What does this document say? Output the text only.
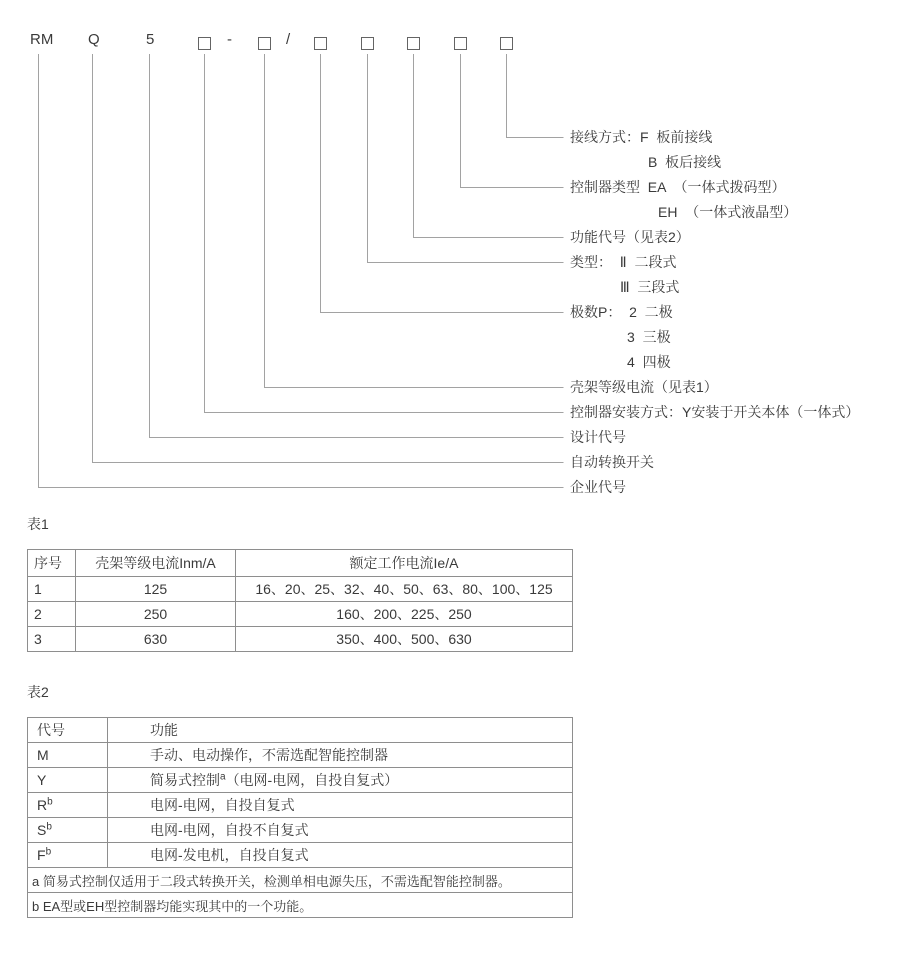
RM Q	5	-	/
接线方式：F  板前接线
B  板后接线
控制器类型  EA  （一体式拨码型）
EH  （一体式液晶型）
功能代号（见表2）
类型：  Ⅱ  二段式
Ⅲ  三段式
极数P：  2  二极
3  三极
4  四极
壳架等级电流（见表1）
控制器安装方式：Y安装于开关本体（一体式）
设计代号
自动转换开关
企业代号
表1
序号	壳架等级电流Inm/A	额定工作电流Ie/A
1	125	16、20、25、32、40、50、63、80、100、125
2	250	160、200、225、250
3	630	350、400、500、630
表2
代号	功能
M	手动、电动操作，不需选配智能控制器
Y	简易式控制$^a$（电网-电网，自投自复式）
$R^b$	电网-电网，自投自复式
$S^b$	电网-电网，自投不自复式
$F^b$	电网-发电机，自投自复式
a 简易式控制仅适用于二段式转换开关，检测单相电源失压，不需选配智能控制器。	
b EA型或EH型控制器均能实现其中的一个功能。	
